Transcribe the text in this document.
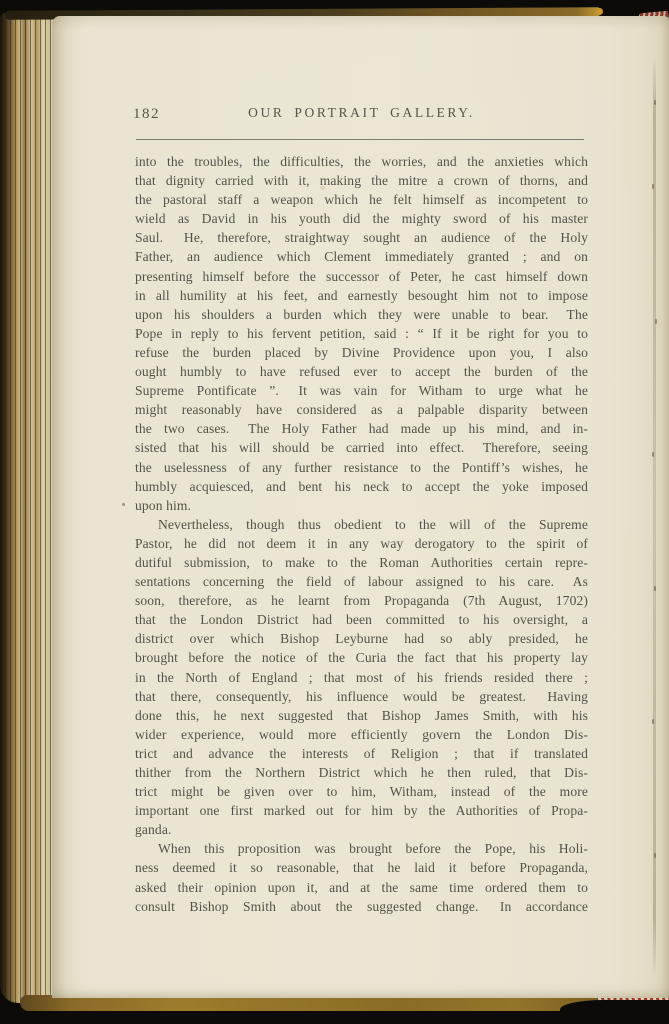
182	OUR PORTRAIT GALLERY.
into the troubles, the difficulties, the worries, and the anxieties which
that dignity carried with it, making the mitre a crown of thorns, and
the pastoral staff a weapon which he felt himself as incompetent to
wield as David in his youth did the mighty sword of his master
Saul.  He, therefore, straightway sought an audience of the Holy
Father, an audience which Clement immediately granted ; and on
presenting himself before the successor of Peter, he cast himself down
in all humility at his feet, and earnestly besought him not to impose
upon his shoulders a burden which they were unable to bear.  The
Pope in reply to his fervent petition, said : “ If it be right for you to
refuse the burden placed by Divine Providence upon you, I also
ought humbly to have refused ever to accept the burden of the
Supreme Pontificate ”.  It was vain for Witham to urge what he
might reasonably have considered as a palpable disparity between
the two cases.  The Holy Father had made up his mind, and in-
sisted that his will should be carried into effect.  Therefore, seeing
the uselessness of any further resistance to the Pontiff’s wishes, he
humbly acquiesced, and bent his neck to accept the yoke imposed
upon him.
Nevertheless, though thus obedient to the will of the Supreme
Pastor, he did not deem it in any way derogatory to the spirit of
dutiful submission, to make to the Roman Authorities certain repre-
sentations concerning the field of labour assigned to his care.  As
soon, therefore, as he learnt from Propaganda (7th August, 1702)
that the London District had been committed to his oversight, a
district over which Bishop Leyburne had so ably presided, he
brought before the notice of the Curia the fact that his property lay
in the North of England ; that most of his friends resided there ;
that there, consequently, his influence would be greatest.  Having
done this, he next suggested that Bishop James Smith, with his
wider experience, would more efficiently govern the London Dis-
trict and advance the interests of Religion ; that if translated
thither from the Northern District which he then ruled, that Dis-
trict might be given over to him, Witham, instead of the more
important one first marked out for him by the Authorities of Propa-
ganda.
When this proposition was brought before the Pope, his Holi-
ness deemed it so reasonable, that he laid it before Propaganda,
asked their opinion upon it, and at the same time ordered them to
consult Bishop Smith about the suggested change.  In accordance
